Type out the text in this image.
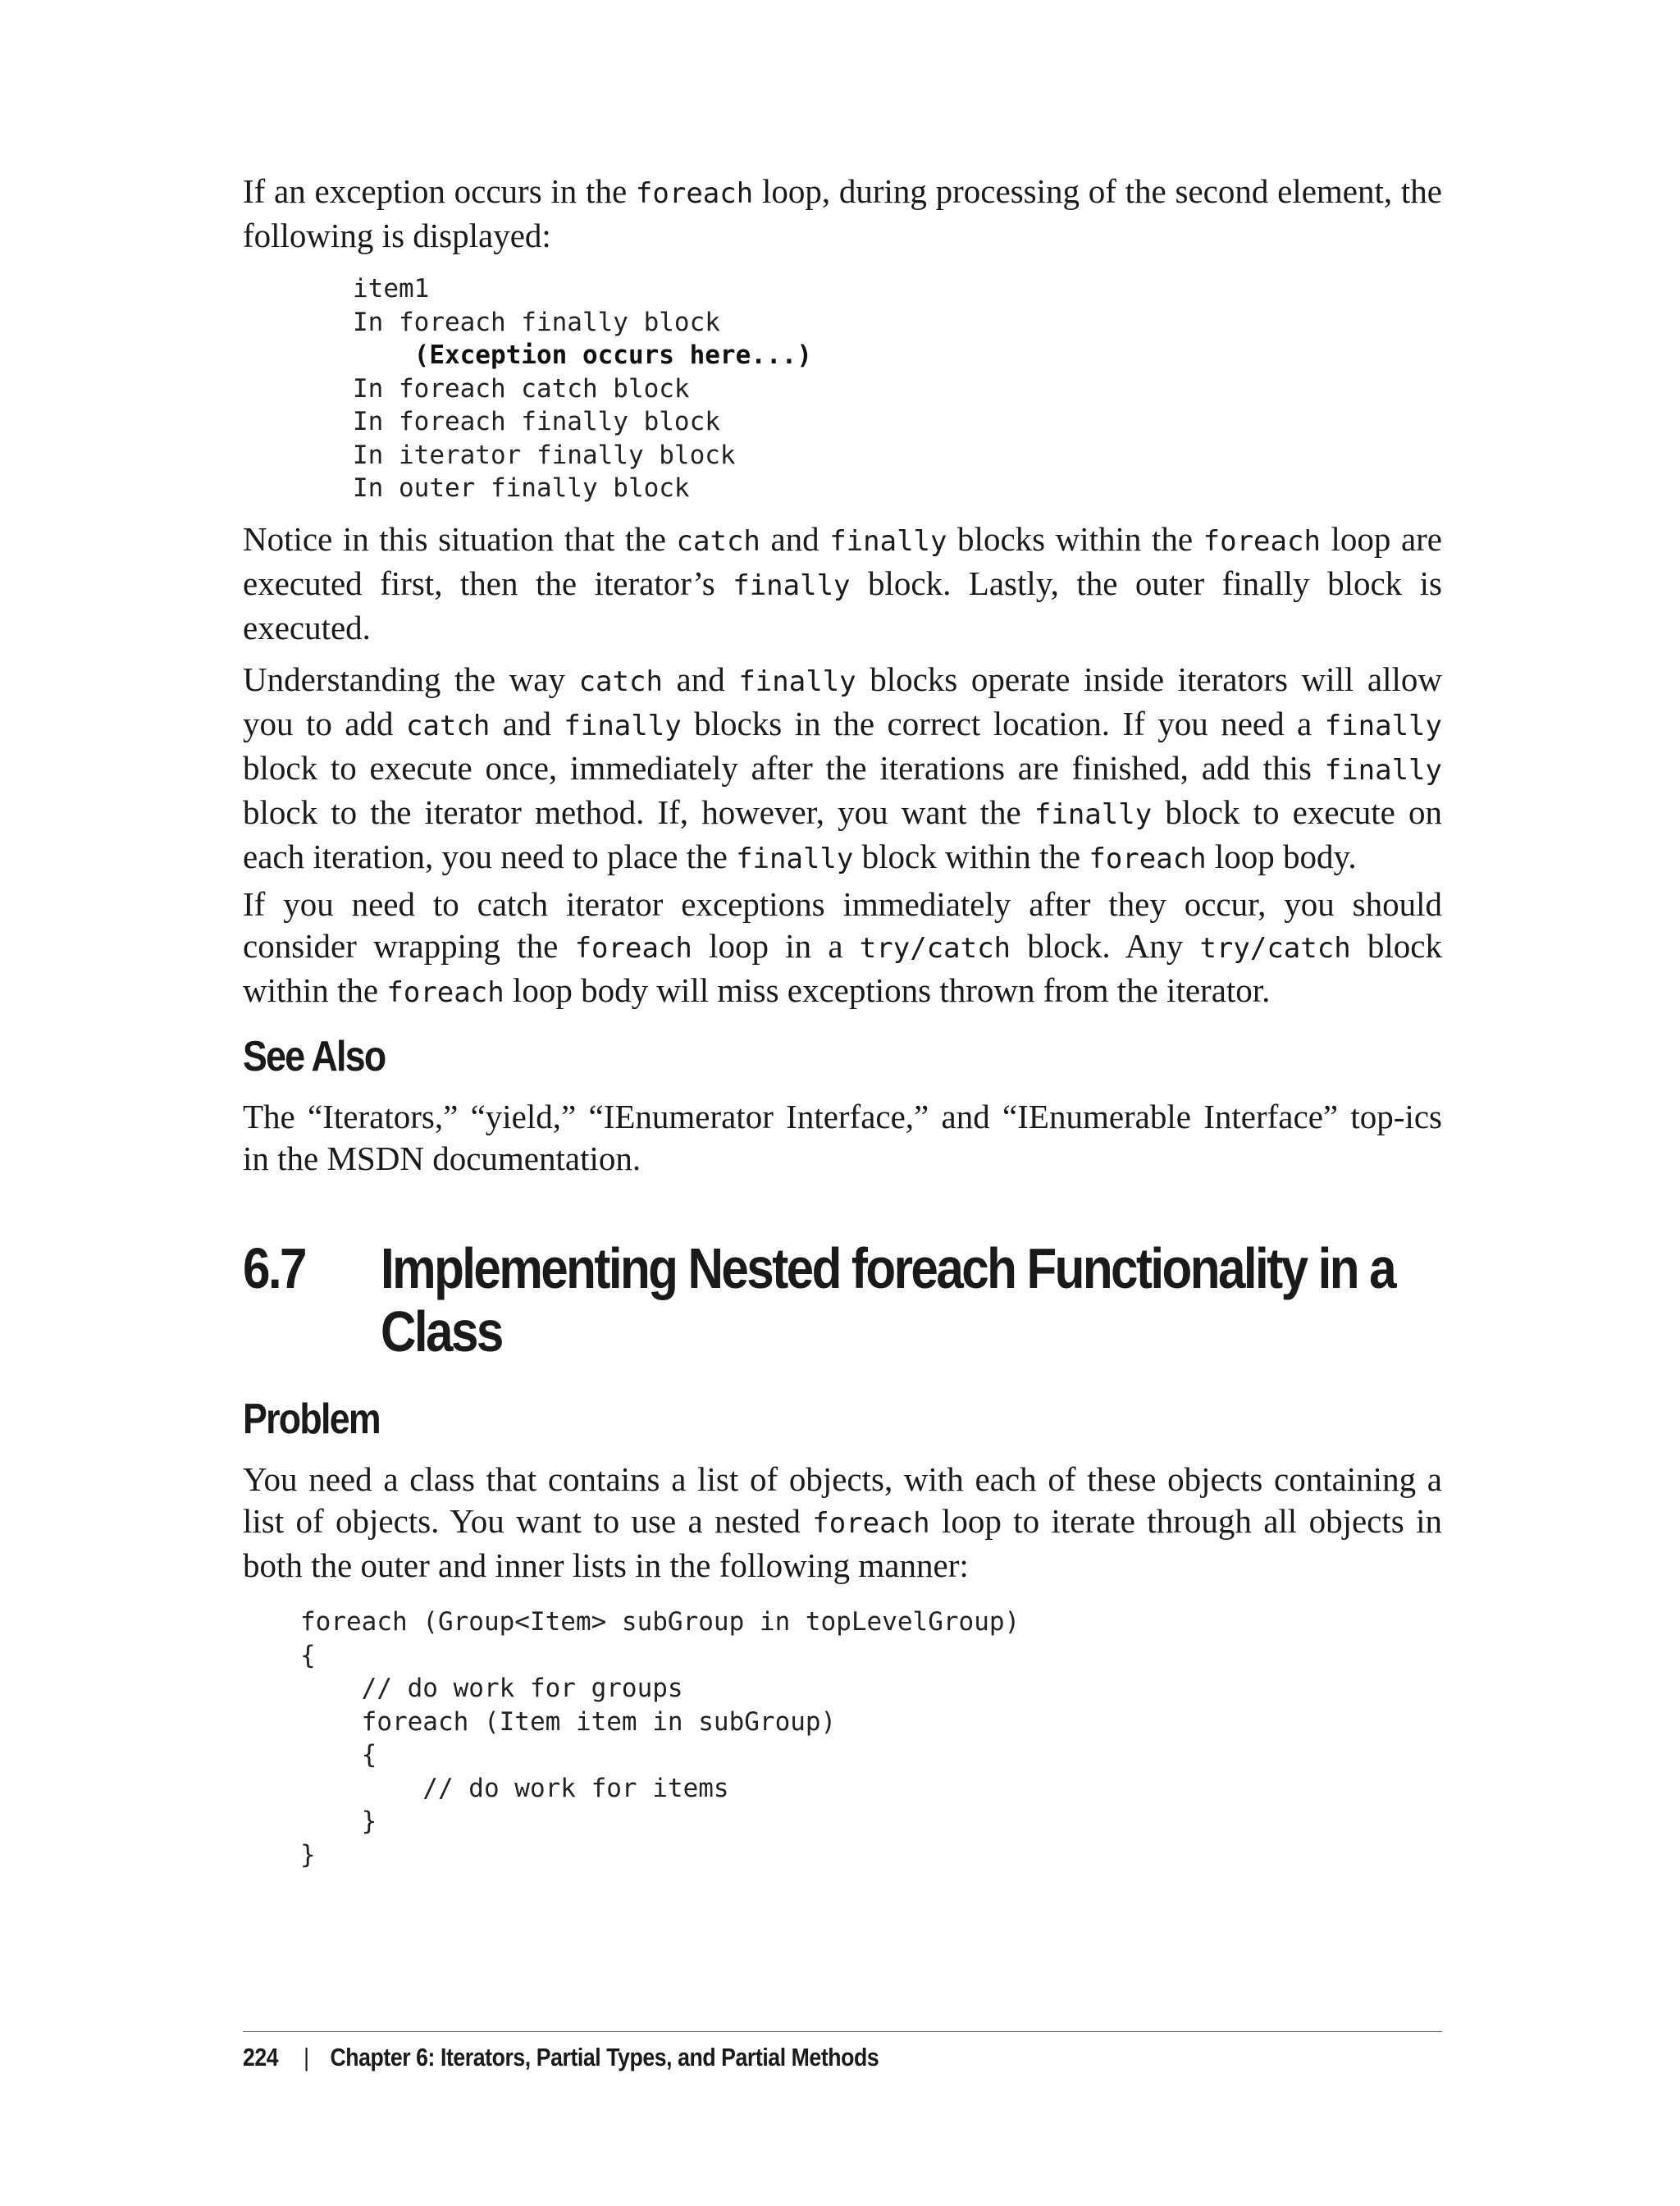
If an exception occurs in the foreach loop, during processing of the second element, the following is displayed:

item1
In foreach finally block
(Exception occurs here...)
In foreach catch block
In foreach finally block
In iterator finally block
In outer finally block

Notice in this situation that the catch and finally blocks within the foreach loop are executed first, then the iterator’s finally block. Lastly, the outer finally block is executed.

Understanding the way catch and finally blocks operate inside iterators will allow you to add catch and finally blocks in the correct location. If you need a finally block to execute once, immediately after the iterations are finished, add this finally block to the iterator method. If, however, you want the finally block to execute on each iteration, you need to place the finally block within the foreach loop body.

If you need to catch iterator exceptions immediately after they occur, you should consider wrapping the foreach loop in a try/catch block. Any try/catch block within the foreach loop body will miss exceptions thrown from the iterator.

See Also

The “Iterators,” “yield,” “IEnumerator Interface,” and “IEnumerable Interface” top-ics in the MSDN documentation.

6.7 Implementing Nested foreach Functionality in a Class
Problem

You need a class that contains a list of objects, with each of these objects containing a list of objects. You want to use a nested foreach loop to iterate through all objects in both the outer and inner lists in the following manner:

foreach (Group<Item> subGroup in topLevelGroup)
{
// do work for groups
foreach (Item item in subGroup)
{
// do work for items
}
}
224 | Chapter 6: Iterators, Partial Types, and Partial Methods
